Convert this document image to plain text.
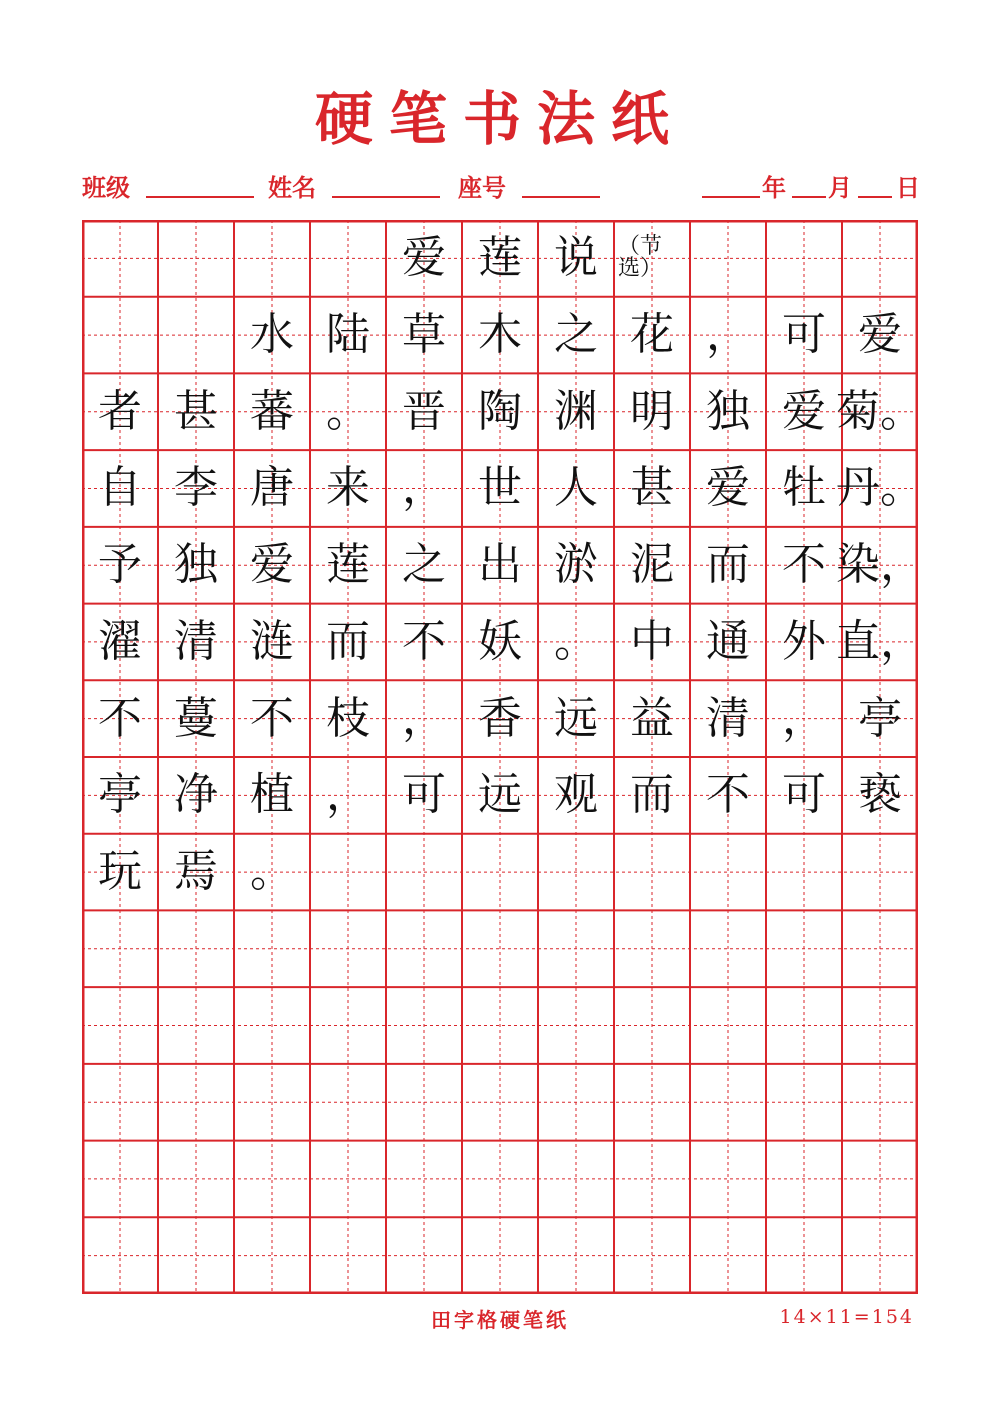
硬笔书法纸
班级	姓名	座号	年 月 日
爱 莲 说 （节选）
水 陆 草 木 之 花 ， 可 爱
者 甚 蕃 。 晋 陶 渊 明 独 爱 菊。
自 李 唐 来 ， 世 人 甚 爱 牡 丹。
予 独 爱 莲 之 出 淤 泥 而 不 染，
濯 清 涟 而 不 妖 。 中 通 外 直，
不 蔓 不 枝 ， 香 远 益 清 ， 亭
亭 净 植 ， 可 远 观 而 不 可 亵
玩 焉 。
田字格硬笔纸	14×11=154
